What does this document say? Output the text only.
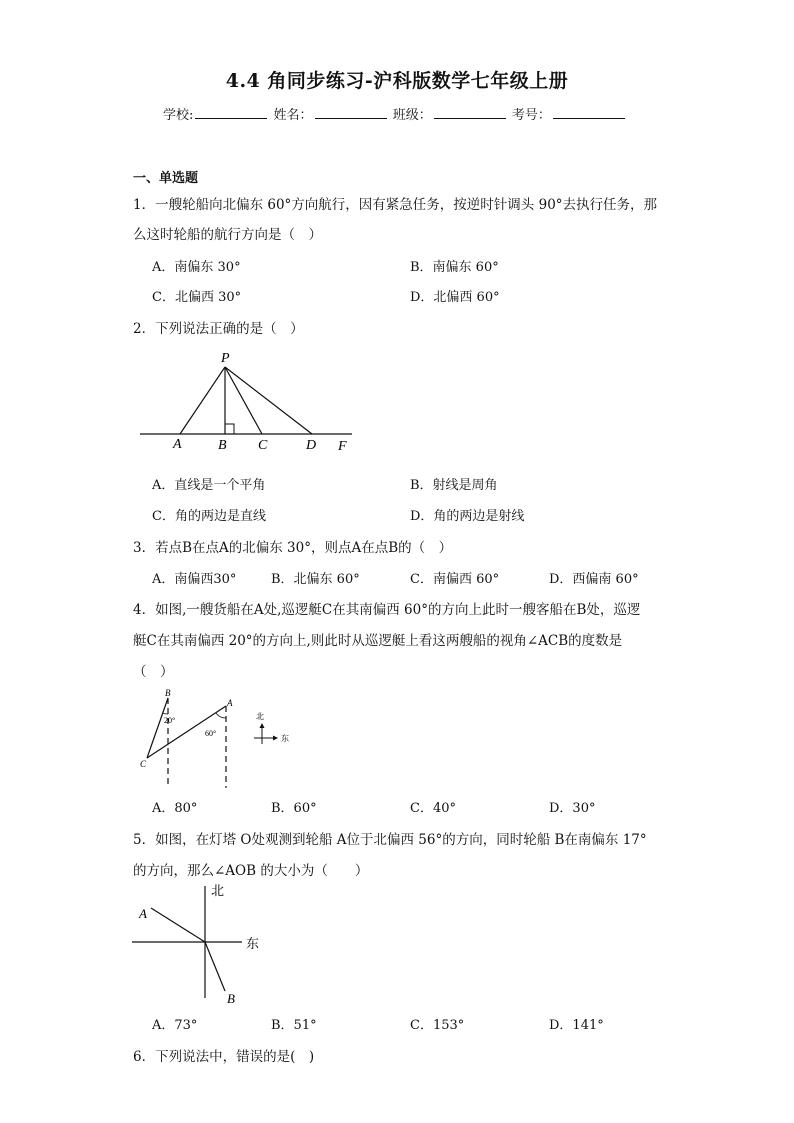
4.4 角同步练习-沪科版数学七年级上册
学校:	姓名：	班级：	考号：
一、单选题
1．一艘轮船向北偏东 60°方向航行，因有紧急任务，按逆时针调头 90°去执行任务，那
么这时轮船的航行方向是（　）
A．南偏东 30°	B．南偏东 60°
C．北偏西 30°	D．北偏西 60°
2．下列说法正确的是（　）
P
A	B C	D F
A．直线是一个平角	B．射线是周角
C．角的两边是直线	D．角的两边是射线
3．若点B在点A的北偏东 30°，则点A在点B的（　）
A．南偏西30°	B．北偏东 60°	C．南偏西 60°	D．西偏南 60°
4．如图,一艘货船在A处,巡逻艇C在其南偏西 60°的方向上此时一艘客船在B处，巡逻
艇C在其南偏西 20°的方向上,则此时从巡逻艇上看这两艘船的视角∠ACB的度数是
（　）
B
A
C
20°
60°
北
东
A．80°	B．60°	C．40°	D．30°
5．如图，在灯塔 O处观测到轮船 A位于北偏西 56°的方向，同时轮船 B在南偏东 17°
的方向，那么∠AOB 的大小为（　　）
北
东
A
B
A．73°	B．51°	C．153°	D．141°
6．下列说法中，错误的是(　)
